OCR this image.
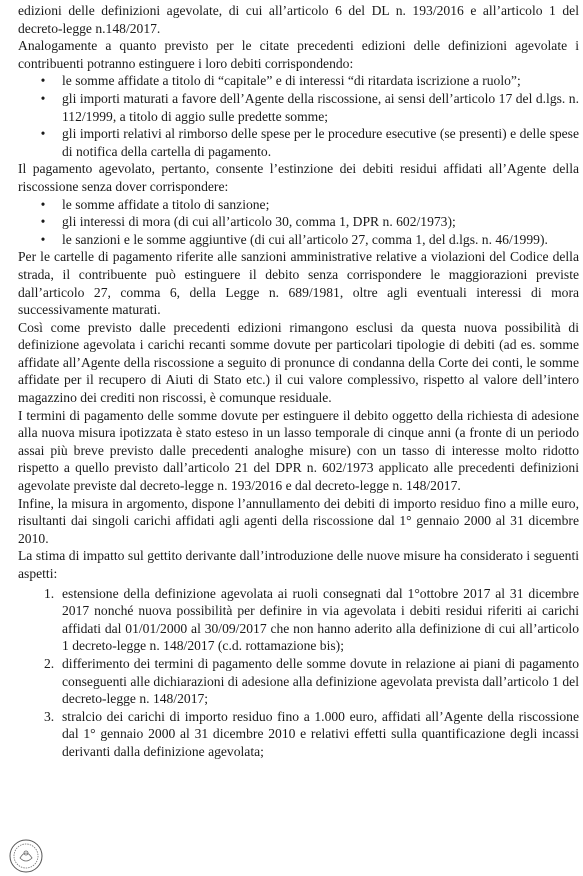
edizioni delle definizioni agevolate, di cui all’articolo 6 del DL n. 193/2016 e all’articolo 1 del decreto-legge n.148/2017.

Analogamente a quanto previsto per le citate precedenti edizioni delle definizioni agevolate i contribuenti potranno estinguere i loro debiti corrispondendo:

• le somme affidate a titolo di “capitale” e di interessi “di ritardata iscrizione a ruolo”;
• gli importi maturati a favore dell’Agente della riscossione, ai sensi dell’articolo 17 del d.lgs. n. 112/1999, a titolo di aggio sulle predette somme;
• gli importi relativi al rimborso delle spese per le procedure esecutive (se presenti) e delle spese di notifica della cartella di pagamento.

Il pagamento agevolato, pertanto, consente l’estinzione dei debiti residui affidati all’Agente della riscossione senza dover corrispondere:

• le somme affidate a titolo di sanzione;
• gli interessi di mora (di cui all’articolo 30, comma 1, DPR n. 602/1973);
• le sanzioni e le somme aggiuntive (di cui all’articolo 27, comma 1, del d.lgs. n. 46/1999).

Per le cartelle di pagamento riferite alle sanzioni amministrative relative a violazioni del Codice della strada, il contribuente può estinguere il debito senza corrispondere le maggiorazioni previste dall’articolo 27, comma 6, della Legge n. 689/1981, oltre agli eventuali interessi di mora successivamente maturati.

Così come previsto dalle precedenti edizioni rimangono esclusi da questa nuova possibilità di definizione agevolata i carichi recanti somme dovute per particolari tipologie di debiti (ad es. somme affidate all’Agente della riscossione a seguito di pronunce di condanna della Corte dei conti, le somme affidate per il recupero di Aiuti di Stato etc.) il cui valore complessivo, rispetto al valore dell’intero magazzino dei crediti non riscossi, è comunque residuale.

I termini di pagamento delle somme dovute per estinguere il debito oggetto della richiesta di adesione alla nuova misura ipotizzata è stato esteso in un lasso temporale di cinque anni (a fronte di un periodo assai più breve previsto dalle precedenti analoghe misure) con un tasso di interesse molto ridotto rispetto a quello previsto dall’articolo 21 del DPR n. 602/1973 applicato alle precedenti definizioni agevolate previste dal decreto-legge n. 193/2016 e dal decreto-legge n. 148/2017.

Infine, la misura in argomento, dispone l’annullamento dei debiti di importo residuo fino a mille euro, risultanti dai singoli carichi affidati agli agenti della riscossione dal 1° gennaio 2000 al 31 dicembre 2010.

La stima di impatto sul gettito derivante dall’introduzione delle nuove misure ha considerato i seguenti aspetti:

1. estensione della definizione agevolata ai ruoli consegnati dal 1°ottobre 2017 al 31 dicembre 2017 nonché nuova possibilità per definire in via agevolata i debiti residui riferiti ai carichi affidati dal 01/01/2000 al 30/09/2017 che non hanno aderito alla definizione di cui all’articolo 1 decreto-legge n. 148/2017 (c.d. rottamazione bis);
2. differimento dei termini di pagamento delle somme dovute in relazione ai piani di pagamento conseguenti alle dichiarazioni di adesione alla definizione agevolata prevista dall’articolo 1 del decreto-legge n. 148/2017;
3. stralcio dei carichi di importo residuo fino a 1.000 euro, affidati all’Agente della riscossione dal 1° gennaio 2000 al 31 dicembre 2010 e relativi effetti sulla quantificazione degli incassi derivanti dalla definizione agevolata;
